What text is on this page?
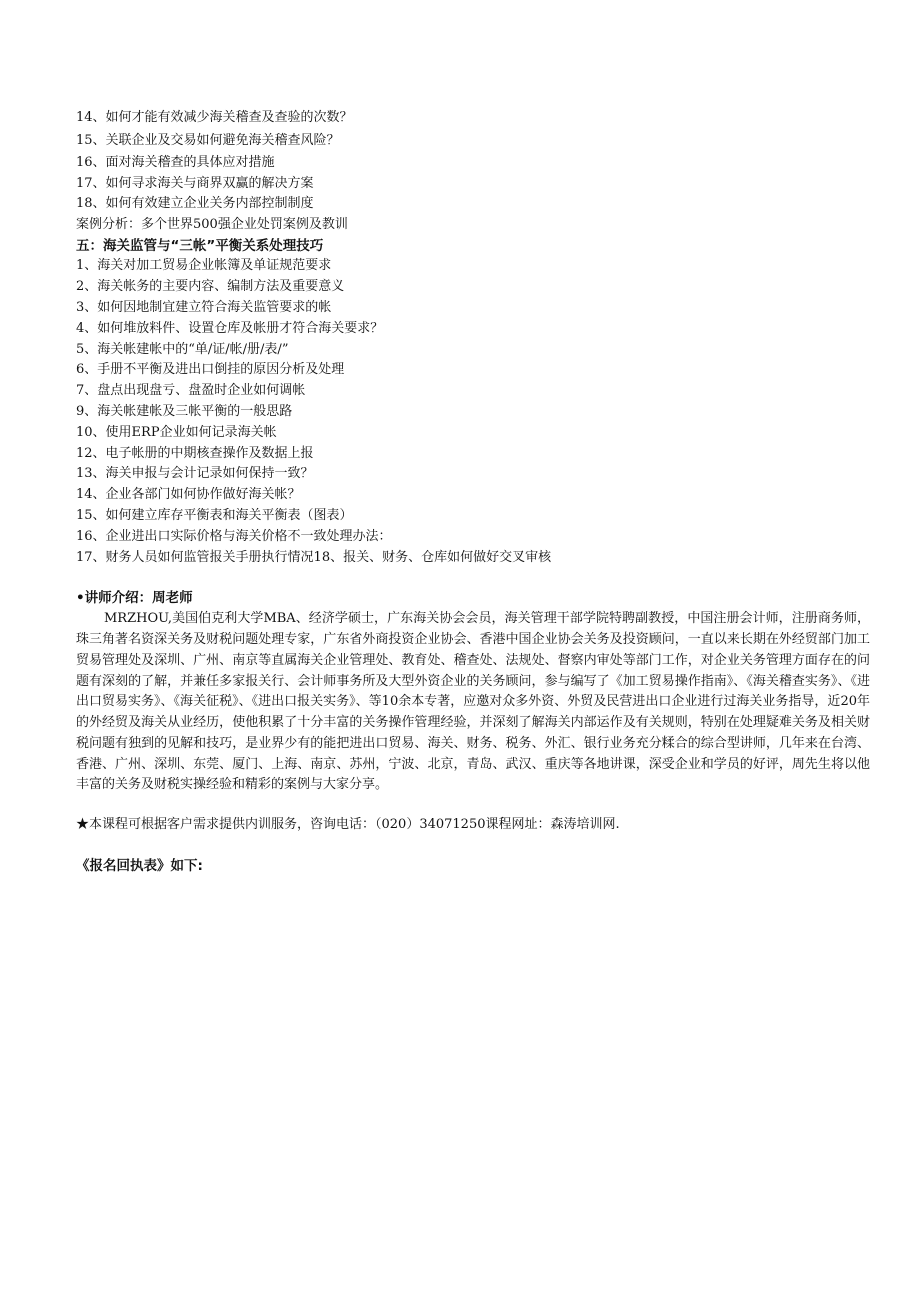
14、如何才能有效减少海关稽查及查验的次数？
15、关联企业及交易如何避免海关稽查风险？
16、面对海关稽查的具体应对措施
17、如何寻求海关与商界双赢的解决方案
18、如何有效建立企业关务内部控制制度
案例分析：多个世界500强企业处罚案例及教训
五：海关监管与“三帐”平衡关系处理技巧
1、海关对加工贸易企业帐簿及单证规范要求
2、海关帐务的主要内容、编制方法及重要意义
3、如何因地制宜建立符合海关监管要求的帐
4、如何堆放料件、设置仓库及帐册才符合海关要求？
5、海关帐建帐中的“单/证/帐/册/表/”
6、手册不平衡及进出口倒挂的原因分析及处理
7、盘点出现盘亏、盘盈时企业如何调帐
9、海关帐建帐及三帐平衡的一般思路
10、使用ERP企业如何记录海关帐
12、电子帐册的中期核查操作及数据上报
13、海关申报与会计记录如何保持一致？
14、企业各部门如何协作做好海关帐？
15、如何建立库存平衡表和海关平衡表（图表）
16、企业进出口实际价格与海关价格不一致处理办法：
17、财务人员如何监管报关手册执行情况18、报关、财务、仓库如何做好交叉审核
•讲师介绍：周老师

MRZHOU,美国伯克利大学MBA、经济学硕士，广东海关协会会员，海关管理干部学院特聘副教授，中国注册会计师，注册商务师，珠三角著名资深关务及财税问题处理专家，广东省外商投资企业协会、香港中国企业协会关务及投资顾问，一直以来长期在外经贸部门加工贸易管理处及深圳、广州、南京等直属海关企业管理处、教育处、稽查处、法规处、督察内审处等部门工作，对企业关务管理方面存在的问题有深刻的了解，并兼任多家报关行、会计师事务所及大型外资企业的关务顾问，参与编写了《加工贸易操作指南》、《海关稽查实务》、《进出口贸易实务》、《海关征税》、《进出口报关实务》、等10余本专著，应邀对众多外资、外贸及民营进出口企业进行过海关业务指导，近20年的外经贸及海关从业经历，使他积累了十分丰富的关务操作管理经验，并深刻了解海关内部运作及有关规则，特别在处理疑难关务及相关财税问题有独到的见解和技巧，是业界少有的能把进出口贸易、海关、财务、税务、外汇、银行业务充分糅合的综合型讲师，几年来在台湾、香港、广州、深圳、东莞、厦门、上海、南京、苏州，宁波、北京，青岛、武汉、重庆等各地讲课，深受企业和学员的好评，周先生将以他丰富的关务及财税实操经验和精彩的案例与大家分享。

★本课程可根据客户需求提供内训服务，咨询电话：（020）34071250课程网址：森涛培训网.
《报名回执表》如下:
